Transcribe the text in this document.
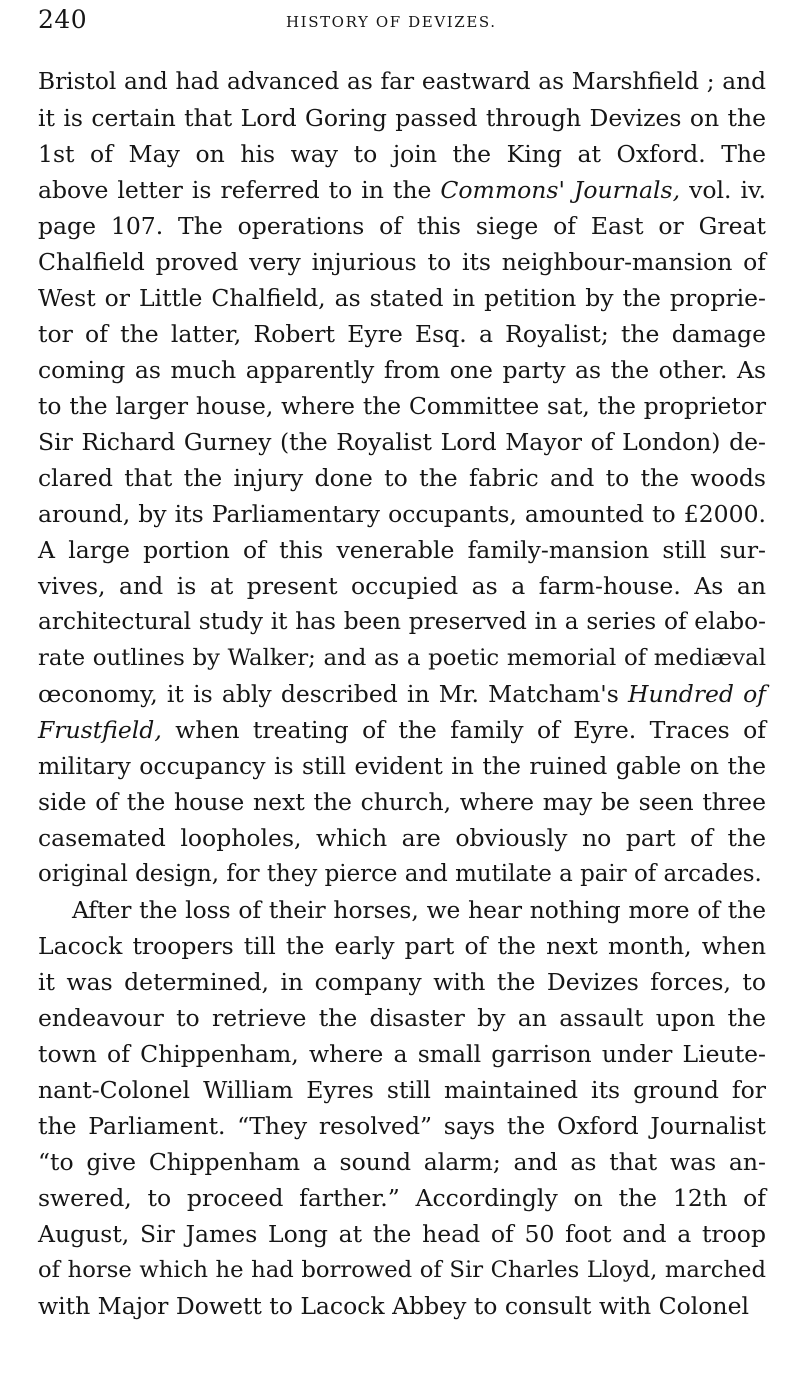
240	HISTORY OF DEVIZES.
Bristol and had advanced as far eastward as Marshfield ; and
it is certain that Lord Goring passed through Devizes on the
1st of May on his way to join the King at Oxford. The
above letter is referred to in the Commons' Journals, vol. iv.
page 107. The operations of this siege of East or Great
Chalfield proved very injurious to its neighbour-mansion of
West or Little Chalfield, as stated in petition by the proprie-
tor of the latter, Robert Eyre Esq. a Royalist; the damage
coming as much apparently from one party as the other. As
to the larger house, where the Committee sat, the proprietor
Sir Richard Gurney (the Royalist Lord Mayor of London) de-
clared that the injury done to the fabric and to the woods
around, by its Parliamentary occupants, amounted to £2000.
A large portion of this venerable family-mansion still sur-
vives, and is at present occupied as a farm-house. As an
architectural study it has been preserved in a series of elabo-
rate outlines by Walker; and as a poetic memorial of mediæval
œconomy, it is ably described in Mr. Matcham's Hundred of
Frustfield, when treating of the family of Eyre. Traces of
military occupancy is still evident in the ruined gable on the
side of the house next the church, where may be seen three
casemated loopholes, which are obviously no part of the
original design, for they pierce and mutilate a pair of arcades.
After the loss of their horses, we hear nothing more of the
Lacock troopers till the early part of the next month, when
it was determined, in company with the Devizes forces, to
endeavour to retrieve the disaster by an assault upon the
town of Chippenham, where a small garrison under Lieute-
nant-Colonel William Eyres still maintained its ground for
the Parliament. “They resolved” says the Oxford Journalist
“to give Chippenham a sound alarm; and as that was an-
swered, to proceed farther.” Accordingly on the 12th of
August, Sir James Long at the head of 50 foot and a troop
of horse which he had borrowed of Sir Charles Lloyd, marched
with Major Dowett to Lacock Abbey to consult with Colonel
